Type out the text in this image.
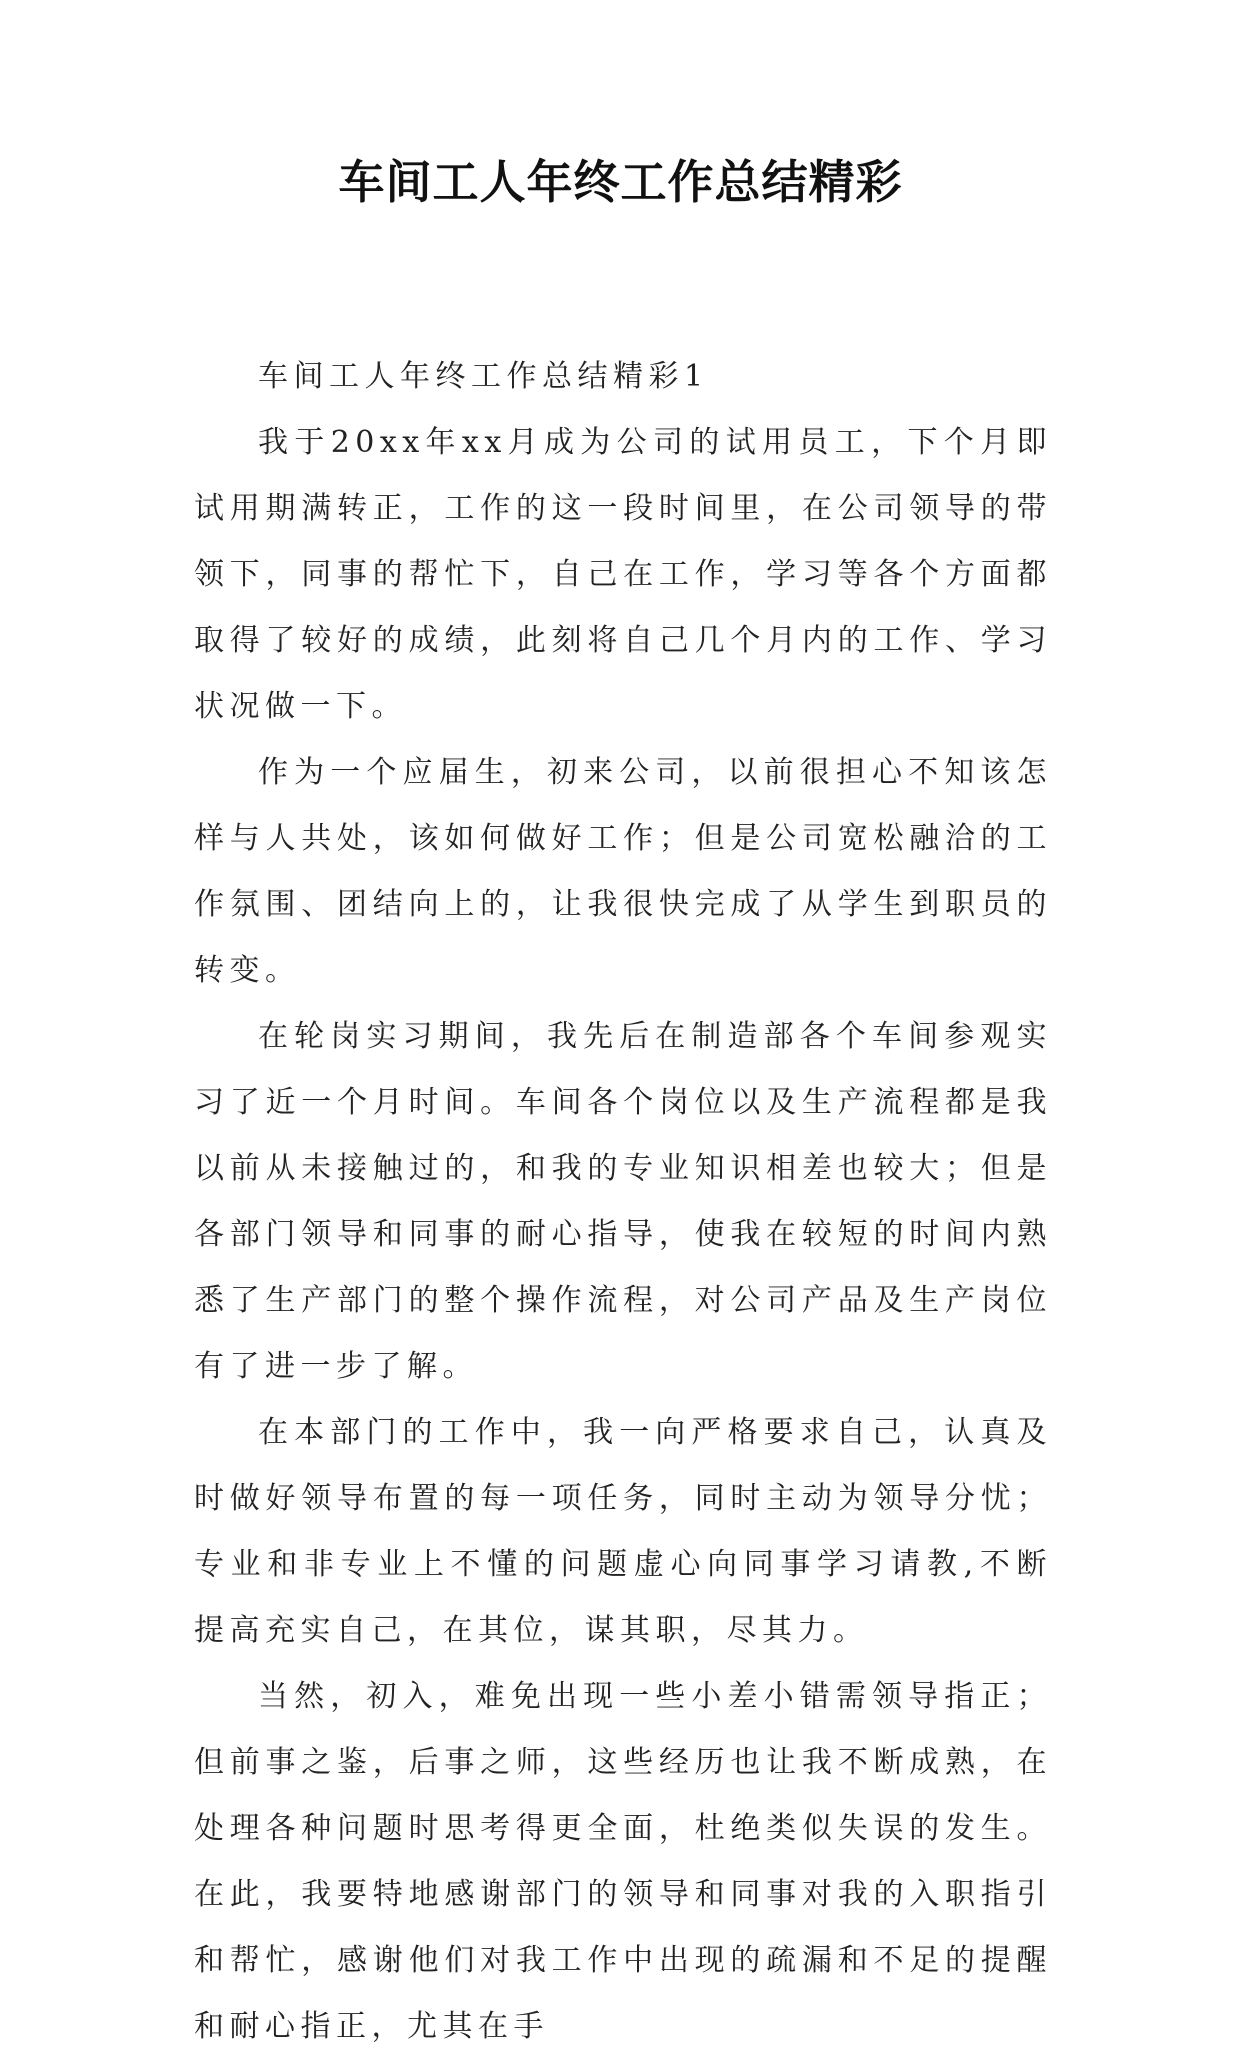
车间工人年终工作总结精彩

车间工人年终工作总结精彩1

我于20xx年xx月成为公司的试用员工，下个月即试用期满转正，工作的这一段时间里，在公司领导的带领下，同事的帮忙下，自己在工作，学习等各个方面都取得了较好的成绩，此刻将自己几个月内的工作、学习状况做一下。

作为一个应届生，初来公司，以前很担心不知该怎样与人共处，该如何做好工作；但是公司宽松融洽的工作氛围、团结向上的，让我很快完成了从学生到职员的转变。

在轮岗实习期间，我先后在制造部各个车间参观实习了近一个月时间。车间各个岗位以及生产流程都是我以前从未接触过的，和我的专业知识相差也较大；但是各部门领导和同事的耐心指导，使我在较短的时间内熟悉了生产部门的整个操作流程，对公司产品及生产岗位有了进一步了解。

在本部门的工作中，我一向严格要求自己，认真及时做好领导布置的每一项任务，同时主动为领导分忧；专业和非专业上不懂的问题虚心向同事学习请教,不断提高充实自己，在其位，谋其职，尽其力。

当然，初入，难免出现一些小差小错需领导指正；但前事之鉴，后事之师，这些经历也让我不断成熟，在处理各种问题时思考得更全面，杜绝类似失误的发生。在此，我要特地感谢部门的领导和同事对我的入职指引和帮忙，感谢他们对我工作中出现的疏漏和不足的提醒和耐心指正，尤其在手
